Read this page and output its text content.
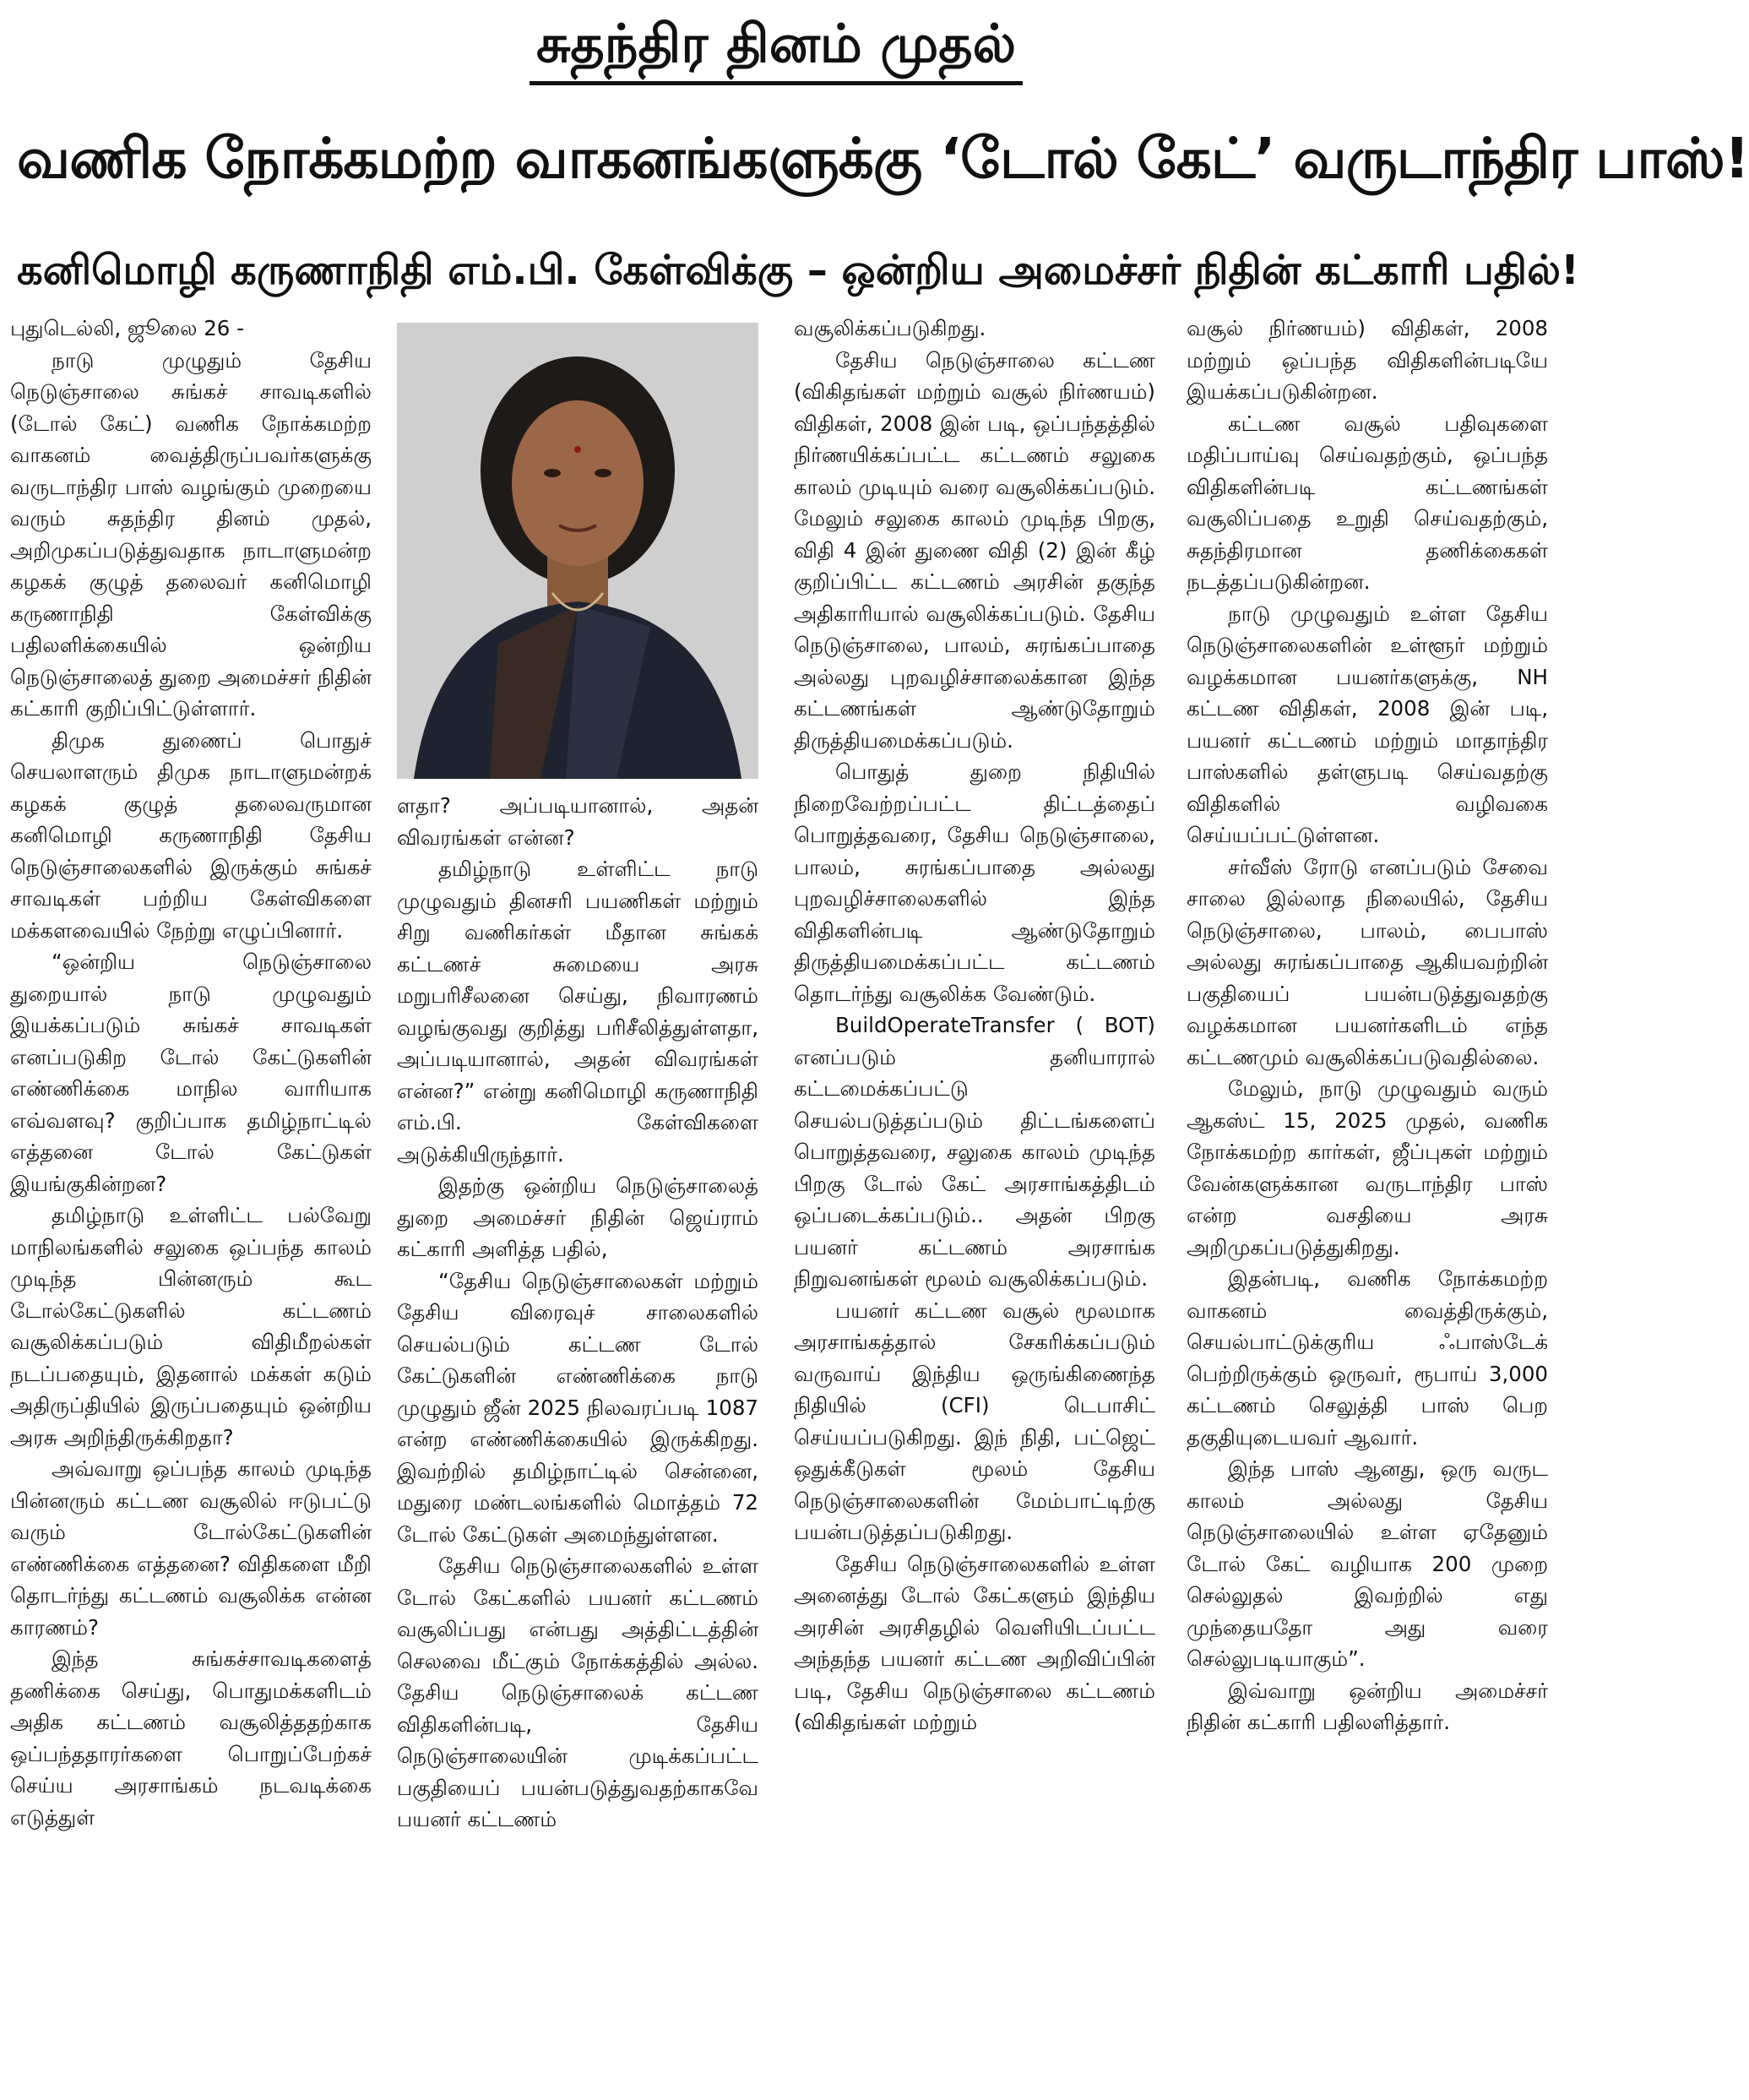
சுதந்திர தினம் முதல்
வணிக நோக்கமற்ற வாகனங்களுக்கு ‘டோல் கேட்’ வருடாந்திர பாஸ்!
கனிமொழி கருணாநிதி எம்.பி. கேள்விக்கு – ஒன்றிய அமைச்சர் நிதின் கட்காரி பதில்!

புதுடெல்லி, ஜூலை 26 -

நாடு முழுதும் தேசிய நெடுஞ்சாலை சுங்கச் சாவடிகளில் (டோல் கேட்) வணிக நோக்கமற்ற வாகனம் வைத்திருப்பவர்களுக்கு வருடாந்திர பாஸ் வழங்கும் முறையை வரும் சுதந்திர தினம் முதல், அறிமுகப்படுத்துவதாக நாடாளுமன்ற கழகக் குழுத் தலைவர் கனிமொழி கருணாநிதி கேள்விக்கு பதிலளிக்கையில் ஒன்றிய நெடுஞ்சாலைத் துறை அமைச்சர் நிதின் கட்காரி குறிப்பிட்டுள்ளார்.

திமுக துணைப் பொதுச் செயலாளரும் திமுக நாடாளுமன்றக் கழகக் குழுத் தலைவருமான கனிமொழி கருணாநிதி தேசிய நெடுஞ்சாலைகளில் இருக்கும் சுங்கச் சாவடிகள் பற்றிய கேள்விகளை மக்களவையில் நேற்று எழுப்பினார்.

“ஒன்றிய நெடுஞ்சாலை துறையால் நாடு முழுவதும் இயக்கப்படும் சுங்கச் சாவடிகள் எனப்படுகிற டோல் கேட்டுகளின் எண்ணிக்கை மாநில வாரியாக எவ்வளவு? குறிப்பாக தமிழ்நாட்டில் எத்தனை டோல் கேட்டுகள் இயங்குகின்றன?

தமிழ்நாடு உள்ளிட்ட பல்வேறு மாநிலங்களில் சலுகை ஒப்பந்த காலம் முடிந்த பின்னரும் கூட டோல்கேட்டுகளில் கட்டணம் வசூலிக்கப்படும் விதிமீறல்கள் நடப்பதையும், இதனால் மக்கள் கடும் அதிருப்தியில் இருப்பதையும் ஒன்றிய அரசு அறிந்திருக்கிறதா?

அவ்வாறு ஒப்பந்த காலம் முடிந்த பின்னரும் கட்டண வசூலில் ஈடுபட்டு வரும் டோல்கேட்டுகளின் எண்ணிக்கை எத்தனை? விதிகளை மீறி தொடர்ந்து கட்டணம் வசூலிக்க என்ன காரணம்?

இந்த சுங்கச்சாவடிகளைத் தணிக்கை செய்து, பொதுமக்களிடம் அதிக கட்டணம் வசூலித்ததற்காக ஒப்பந்ததாரர்களை பொறுப்பேற்கச் செய்ய அரசாங்கம் நடவடிக்கை எடுத்துள்

ளதா? அப்படியானால், அதன் விவரங்கள் என்ன?

தமிழ்நாடு உள்ளிட்ட நாடு முழுவதும் தினசரி பயணிகள் மற்றும் சிறு வணிகர்கள் மீதான சுங்கக் கட்டணச் சுமையை அரசு மறுபரிசீலனை செய்து, நிவாரணம் வழங்குவது குறித்து பரிசீலித்துள்ளதா, அப்படியானால், அதன் விவரங்கள் என்ன?” என்று கனிமொழி கருணாநிதி எம்.பி. கேள்விகளை அடுக்கியிருந்தார்.

இதற்கு ஒன்றிய நெடுஞ்சாலைத் துறை அமைச்சர் நிதின் ஜெய்ராம் கட்காரி அளித்த பதில்,

“தேசிய நெடுஞ்சாலைகள் மற்றும் தேசிய விரைவுச் சாலைகளில் செயல்படும் கட்டண டோல் கேட்டுகளின் எண்ணிக்கை நாடு முழுதும் ஜீன் 2025 நிலவரப்படி 1087 என்ற எண்ணிக்கையில் இருக்கிறது. இவற்றில் தமிழ்நாட்டில் சென்னை, மதுரை மண்டலங்களில் மொத்தம் 72 டோல் கேட்டுகள் அமைந்துள்ளன.

தேசிய நெடுஞ்சாலைகளில் உள்ள டோல் கேட்களில் பயனர் கட்டணம் வசூலிப்பது என்பது அத்திட்டத்தின் செலவை மீட்கும் நோக்கத்தில் அல்ல. தேசிய நெடுஞ்சாலைக் கட்டண விதிகளின்படி, தேசிய நெடுஞ்சாலையின் முடிக்கப்பட்ட பகுதியைப் பயன்படுத்துவதற்காகவே பயனர் கட்டணம்

வசூலிக்கப்படுகிறது.

தேசிய நெடுஞ்சாலை கட்டண (விகிதங்கள் மற்றும் வசூல் நிர்ணயம்) விதிகள், 2008 இன் படி, ஒப்பந்தத்தில் நிர்ணயிக்கப்பட்ட கட்டணம் சலுகை காலம் முடியும் வரை வசூலிக்கப்படும். மேலும் சலுகை காலம் முடிந்த பிறகு, விதி 4 இன் துணை விதி (2) இன் கீழ் குறிப்பிட்ட கட்டணம் அரசின் தகுந்த அதிகாரியால் வசூலிக்கப்படும். தேசிய நெடுஞ்சாலை, பாலம், சுரங்கப்பாதை அல்லது புறவழிச்சாலைக்கான இந்த கட்டணங்கள் ஆண்டுதோறும் திருத்தியமைக்கப்படும்.

பொதுத் துறை நிதியில் நிறைவேற்றப்பட்ட திட்டத்தைப் பொறுத்தவரை, தேசிய நெடுஞ்சாலை, பாலம், சுரங்கப்பாதை அல்லது புறவழிச்சாலைகளில் இந்த விதிகளின்படி ஆண்டுதோறும் திருத்தியமைக்கப்பட்ட கட்டணம் தொடர்ந்து வசூலிக்க வேண்டும்.

BuildOperateTransfer ( BOT) எனப்படும் தனியாரால் கட்டமைக்கப்பட்டு செயல்படுத்தப்படும் திட்டங்களைப் பொறுத்தவரை, சலுகை காலம் முடிந்த பிறகு டோல் கேட் அரசாங்கத்திடம் ஒப்படைக்கப்படும்.. அதன் பிறகு பயனர் கட்டணம் அரசாங்க நிறுவனங்கள் மூலம் வசூலிக்கப்படும்.

பயனர் கட்டண வசூல் மூலமாக அரசாங்கத்தால் சேகரிக்கப்படும் வருவாய் இந்திய ஒருங்கிணைந்த நிதியில் (CFI) டெபாசிட் செய்யப்படுகிறது. இந் நிதி, பட்ஜெட் ஒதுக்கீடுகள் மூலம் தேசிய நெடுஞ்சாலைகளின் மேம்பாட்டிற்கு பயன்படுத்தப்படுகிறது.

தேசிய நெடுஞ்சாலைகளில் உள்ள அனைத்து டோல் கேட்களும் இந்திய அரசின் அரசிதழில் வெளியிடப்பட்ட அந்தந்த பயனர் கட்டண அறிவிப்பின் படி, தேசிய நெடுஞ்சாலை கட்டணம் (விகிதங்கள் மற்றும்

வசூல் நிர்ணயம்) விதிகள், 2008 மற்றும் ஒப்பந்த விதிகளின்படியே இயக்கப்படுகின்றன.

கட்டண வசூல் பதிவுகளை மதிப்பாய்வு செய்வதற்கும், ஒப்பந்த விதிகளின்படி கட்டணங்கள் வசூலிப்பதை உறுதி செய்வதற்கும், சுதந்திரமான தணிக்கைகள் நடத்தப்படுகின்றன.

நாடு முழுவதும் உள்ள தேசிய நெடுஞ்சாலைகளின் உள்ளூர் மற்றும் வழக்கமான பயனர்களுக்கு, NH கட்டண விதிகள், 2008 இன் படி, பயனர் கட்டணம் மற்றும் மாதாந்திர பாஸ்களில் தள்ளுபடி செய்வதற்கு விதிகளில் வழிவகை செய்யப்பட்டுள்ளன.

சர்வீஸ் ரோடு எனப்படும் சேவை சாலை இல்லாத நிலையில், தேசிய நெடுஞ்சாலை, பாலம், பைபாஸ் அல்லது சுரங்கப்பாதை ஆகியவற்றின் பகுதியைப் பயன்படுத்துவதற்கு வழக்கமான பயனர்களிடம் எந்த கட்டணமும் வசூலிக்கப்படுவதில்லை.

மேலும், நாடு முழுவதும் வரும் ஆகஸ்ட் 15, 2025 முதல், வணிக நோக்கமற்ற கார்கள், ஜீப்புகள் மற்றும் வேன்களுக்கான வருடாந்திர பாஸ் என்ற வசதியை அரசு அறிமுகப்படுத்துகிறது.

இதன்படி, வணிக நோக்கமற்ற வாகனம் வைத்திருக்கும், செயல்பாட்டுக்குரிய ஃபாஸ்டேக் பெற்றிருக்கும் ஒருவர், ரூபாய் 3,000 கட்டணம் செலுத்தி பாஸ் பெற தகுதியுடையவர் ஆவார்.

இந்த பாஸ் ஆனது, ஒரு வருட காலம் அல்லது தேசிய நெடுஞ்சாலையில் உள்ள ஏதேனும் டோல் கேட் வழியாக 200 முறை செல்லுதல் இவற்றில் எது முந்தையதோ அது வரை செல்லுபடியாகும்”.

இவ்வாறு ஒன்றிய அமைச்சர் நிதின் கட்காரி பதிலளித்தார்.
